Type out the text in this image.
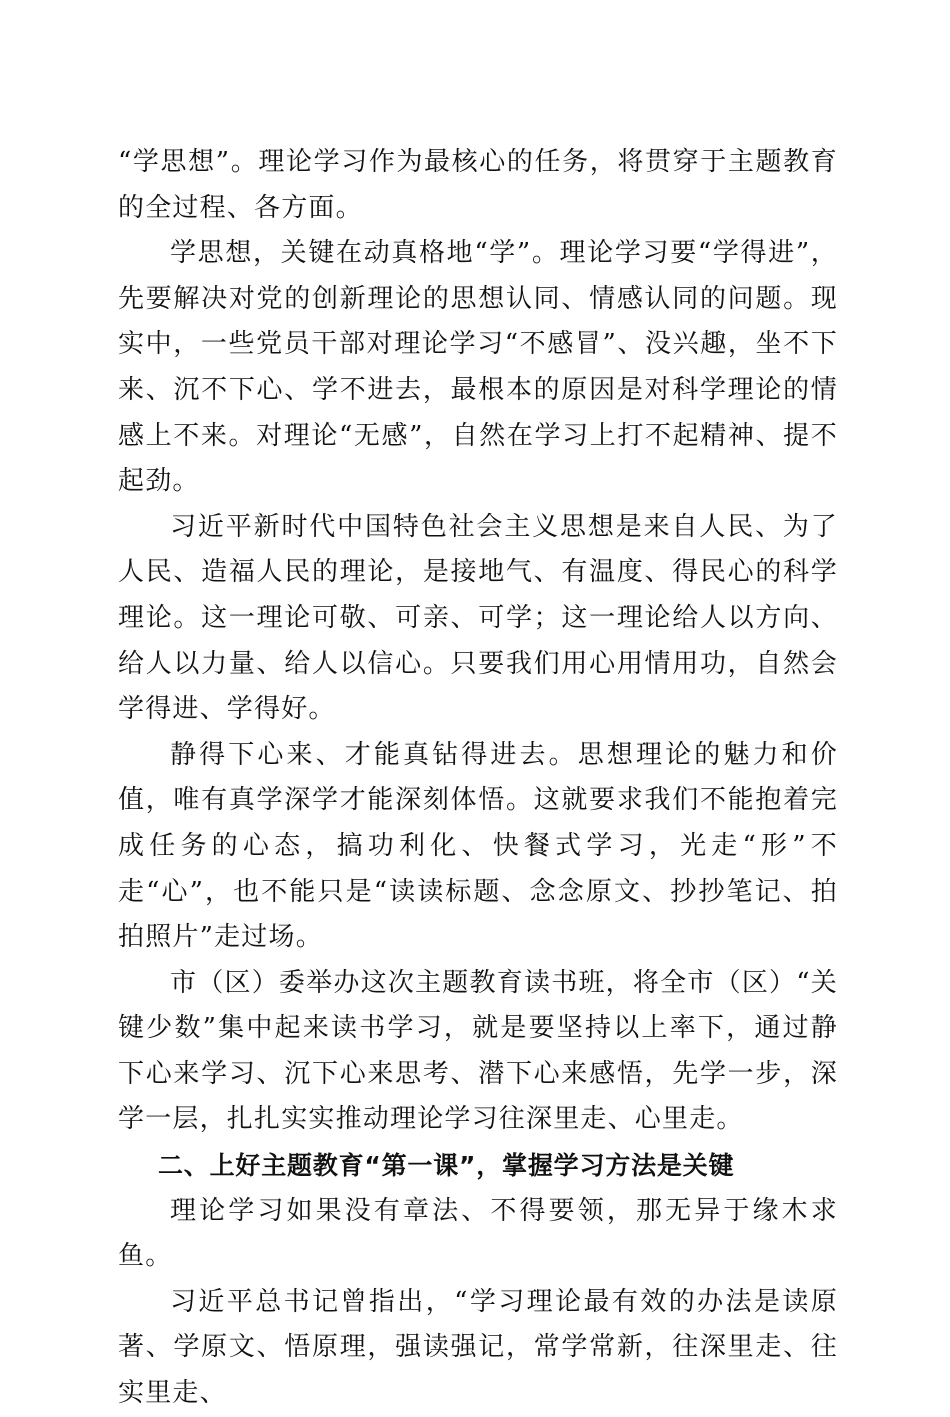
“学思想”。理论学习作为最核心的任务，将贯穿于主题教育的全过程、各方面。

学思想，关键在动真格地“学”。理论学习要“学得进”，先要解决对党的创新理论的思想认同、情感认同的问题。现实中，一些党员干部对理论学习“不感冒”、没兴趣，坐不下来、沉不下心、学不进去，最根本的原因是对科学理论的情感上不来。对理论“无感”，自然在学习上打不起精神、提不起劲。

习近平新时代中国特色社会主义思想是来自人民、为了人民、造福人民的理论，是接地气、有温度、得民心的科学理论。这一理论可敬、可亲、可学；这一理论给人以方向、给人以力量、给人以信心。只要我们用心用情用功，自然会学得进、学得好。

静得下心来、才能真钻得进去。思想理论的魅力和价值，唯有真学深学才能深刻体悟。这就要求我们不能抱着完成任务的心态，搞功利化、快餐式学习，光走“形”不走“心”，也不能只是“读读标题、念念原文、抄抄笔记、拍拍照片”走过场。

市（区）委举办这次主题教育读书班，将全市（区）“关键少数”集中起来读书学习，就是要坚持以上率下，通过静下心来学习、沉下心来思考、潜下心来感悟，先学一步，深学一层，扎扎实实推动理论学习往深里走、心里走。

二、上好主题教育“第一课”，掌握学习方法是关键

理论学习如果没有章法、不得要领，那无异于缘木求鱼。

习近平总书记曾指出，“学习理论最有效的办法是读原著、学原文、悟原理，强读强记，常学常新，往深里走、往实里走、
